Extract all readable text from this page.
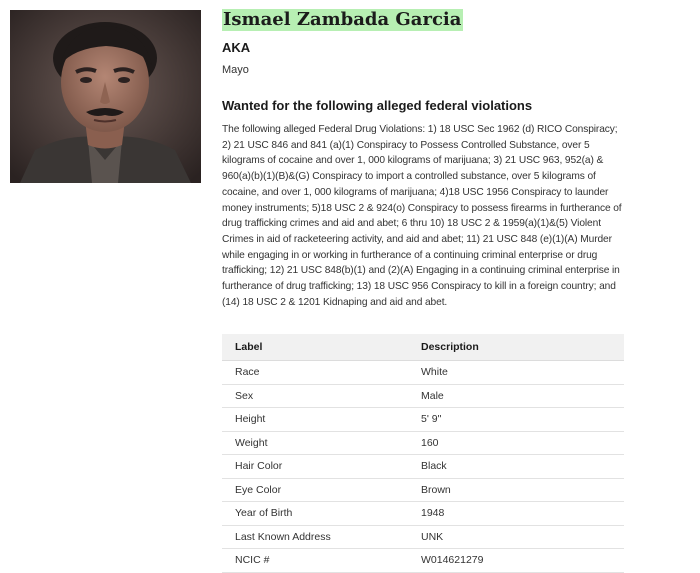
Ismael Zambada Garcia
AKA
Mayo
Wanted for the following alleged federal violations

The following alleged Federal Drug Violations: 1) 18 USC Sec 1962 (d) RICO Conspiracy; 2) 21 USC 846 and 841 (a)(1) Conspiracy to Possess Controlled Substance, over 5 kilograms of cocaine and over 1, 000 kilograms of marijuana; 3) 21 USC 963, 952(a) & 960(a)(b)(1)(B)&(G) Conspiracy to import a controlled substance, over 5 kilograms of cocaine, and over 1, 000 kilograms of marijuana; 4)18 USC 1956 Conspiracy to launder money instruments; 5)18 USC 2 & 924(o) Conspiracy to possess firearms in furtherance of drug trafficking crimes and aid and abet; 6 thru 10) 18 USC 2 & 1959(a)(1)&(5) Violent Crimes in aid of racketeering activity, and aid and abet; 11) 21 USC 848 (e)(1)(A) Murder while engaging in or working in furtherance of a continuing criminal enterprise or drug trafficking; 12) 21 USC 848(b)(1) and (2)(A) Engaging in a continuing criminal enterprise in furtherance of drug trafficking; 13) 18 USC 956 Conspiracy to kill in a foreign country; and (14) 18 USC 2 & 1201 Kidnaping and aid and abet.

Label	Description
Race	White
Sex	Male
Height	5' 9"
Weight	160
Hair Color	Black
Eye Color	Brown
Year of Birth	1948
Last Known Address	UNK
NCIC #	W014621279
